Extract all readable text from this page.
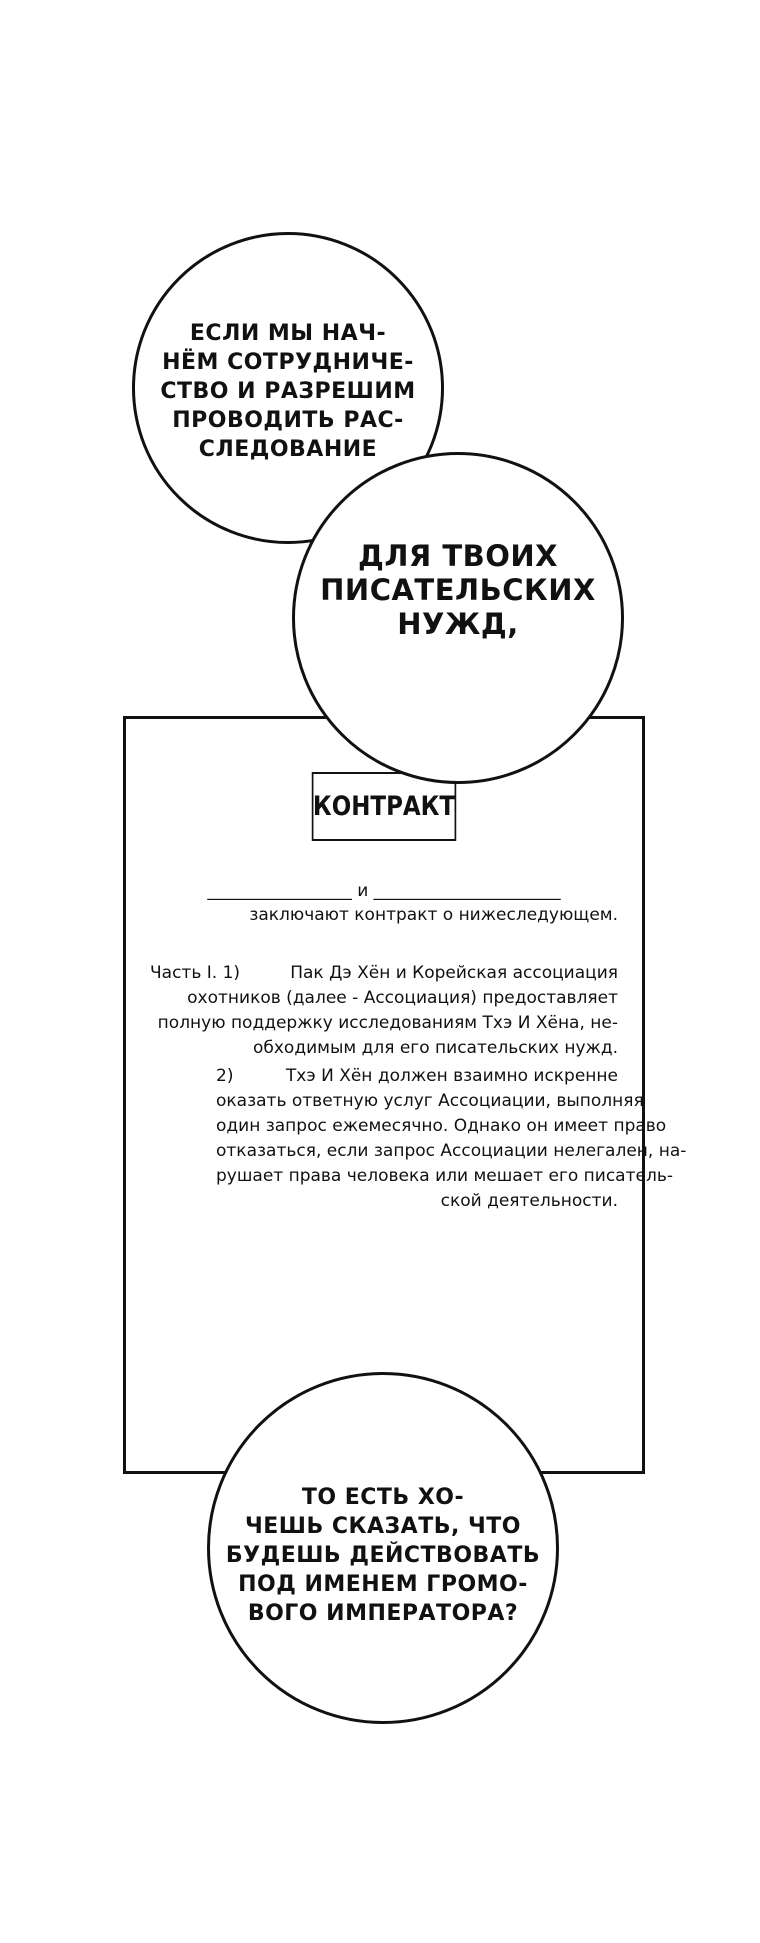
ЕСЛИ МЫ НАЧ-
НЁМ СОТРУДНИЧЕ-
СТВО И РАЗРЕШИМ
ПРОВОДИТЬ РАС-
СЛЕДОВАНИЕ
ДЛЯ ТВОИХ
ПИСАТЕЛЬСКИХ
НУЖД,
КОНТРАКТ
_________________ и ______________________
заключают контракт о нижеследующем.
Часть I. 1)	Пак Дэ Хён и Корейская ассоциация
охотников (далее - Ассоциация) предоставляет
полную поддержку исследованиям Тхэ И Хёна, не-
обходимым для его писательских нужд.
2)	Тхэ И Хён должен взаимно искренне
оказать ответную услуг Ассоциации, выполняя
один запрос ежемесячно. Однако он имеет право
отказаться, если запрос Ассоциации нелегален, на-
рушает права человека или мешает его писатель-
ской деятельности.
ТО ЕСТЬ ХО-
ЧЕШЬ СКАЗАТЬ, ЧТО
БУДЕШЬ ДЕЙСТВОВАТЬ
ПОД ИМЕНЕМ ГРОМО-
ВОГО ИМПЕРАТОРА?
